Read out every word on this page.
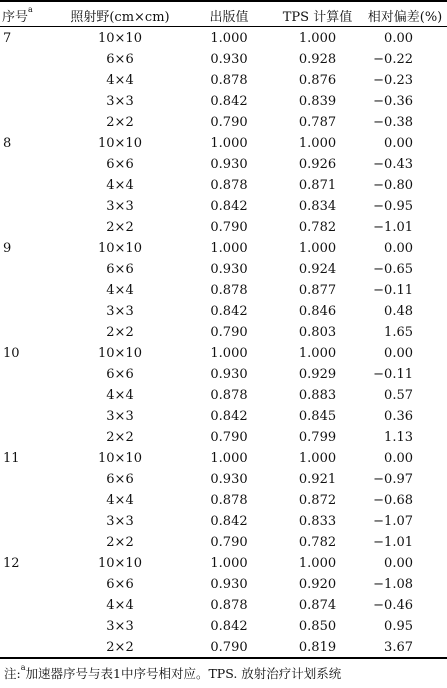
序号$^a$	照射野(cm×cm)	出版值	TPS 计算值	相对偏差(%)
7	10×10	1.000	1.000	0.00
	6×6	0.930	0.928	−0.22
	4×4	0.878	0.876	−0.23
	3×3	0.842	0.839	−0.36
	2×2	0.790	0.787	−0.38
8	10×10	1.000	1.000	0.00
	6×6	0.930	0.926	−0.43
	4×4	0.878	0.871	−0.80
	3×3	0.842	0.834	−0.95
	2×2	0.790	0.782	−1.01
9	10×10	1.000	1.000	0.00
	6×6	0.930	0.924	−0.65
	4×4	0.878	0.877	−0.11
	3×3	0.842	0.846	0.48
	2×2	0.790	0.803	1.65
10	10×10	1.000	1.000	0.00
	6×6	0.930	0.929	−0.11
	4×4	0.878	0.883	0.57
	3×3	0.842	0.845	0.36
	2×2	0.790	0.799	1.13
11	10×10	1.000	1.000	0.00
	6×6	0.930	0.921	−0.97
	4×4	0.878	0.872	−0.68
	3×3	0.842	0.833	−1.07
	2×2	0.790	0.782	−1.01
12	10×10	1.000	1.000	0.00
	6×6	0.930	0.920	−1.08
	4×4	0.878	0.874	−0.46
	3×3	0.842	0.850	0.95
	2×2	0.790	0.819	3.67
注:$^a$加速器序号与表1中序号相对应。TPS. 放射治疗计划系统
